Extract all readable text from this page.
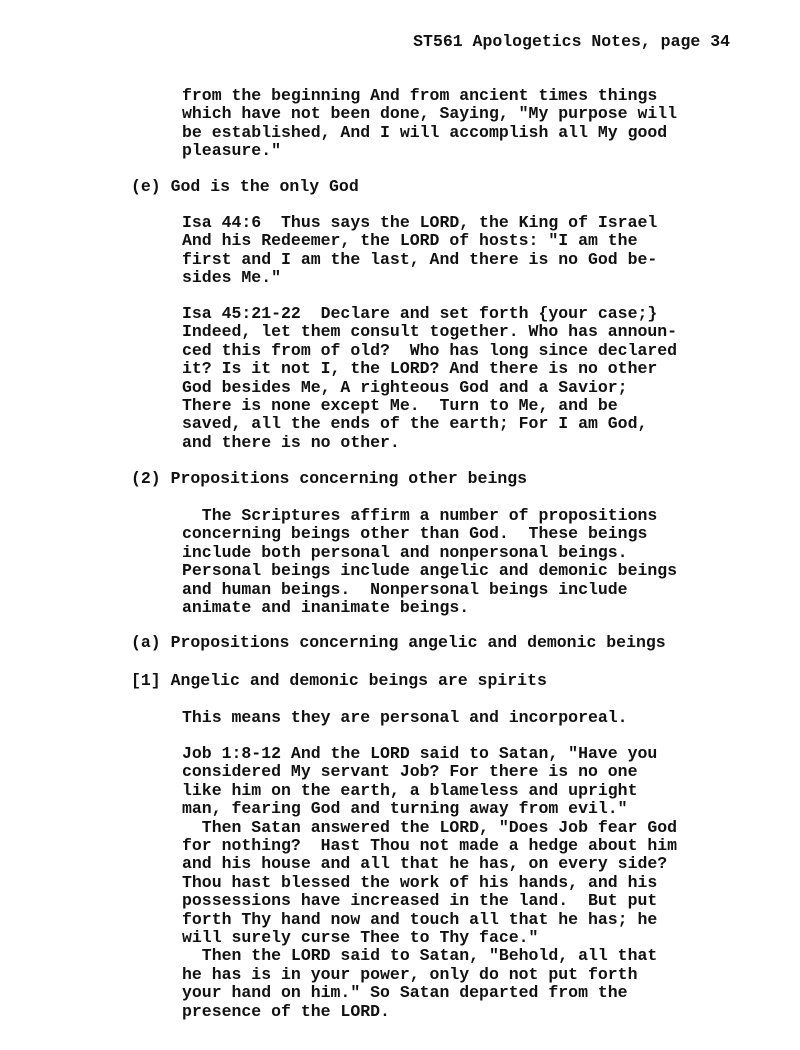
ST561 Apologetics Notes, page 34
from the beginning And from ancient times things
which have not been done, Saying, "My purpose will
be established, And I will accomplish all My good
pleasure."
(e) God is the only God
Isa 44:6  Thus says the LORD, the King of Israel
And his Redeemer, the LORD of hosts: "I am the
first and I am the last, And there is no God be-
sides Me."
Isa 45:21-22  Declare and set forth {your case;}
Indeed, let them consult together. Who has announ-
ced this from of old?  Who has long since declared
it? Is it not I, the LORD? And there is no other
God besides Me, A righteous God and a Savior;
There is none except Me.  Turn to Me, and be
saved, all the ends of the earth; For I am God,
and there is no other.
(2) Propositions concerning other beings
The Scriptures affirm a number of propositions
concerning beings other than God.  These beings
include both personal and nonpersonal beings.
Personal beings include angelic and demonic beings
and human beings.  Nonpersonal beings include
animate and inanimate beings.
(a) Propositions concerning angelic and demonic beings
[1] Angelic and demonic beings are spirits
This means they are personal and incorporeal.
Job 1:8-12 And the LORD said to Satan, "Have you
considered My servant Job? For there is no one
like him on the earth, a blameless and upright
man, fearing God and turning away from evil."
Then Satan answered the LORD, "Does Job fear God
for nothing?  Hast Thou not made a hedge about him
and his house and all that he has, on every side?
Thou hast blessed the work of his hands, and his
possessions have increased in the land.  But put
forth Thy hand now and touch all that he has; he
will surely curse Thee to Thy face."
Then the LORD said to Satan, "Behold, all that
he has is in your power, only do not put forth
your hand on him." So Satan departed from the
presence of the LORD.
